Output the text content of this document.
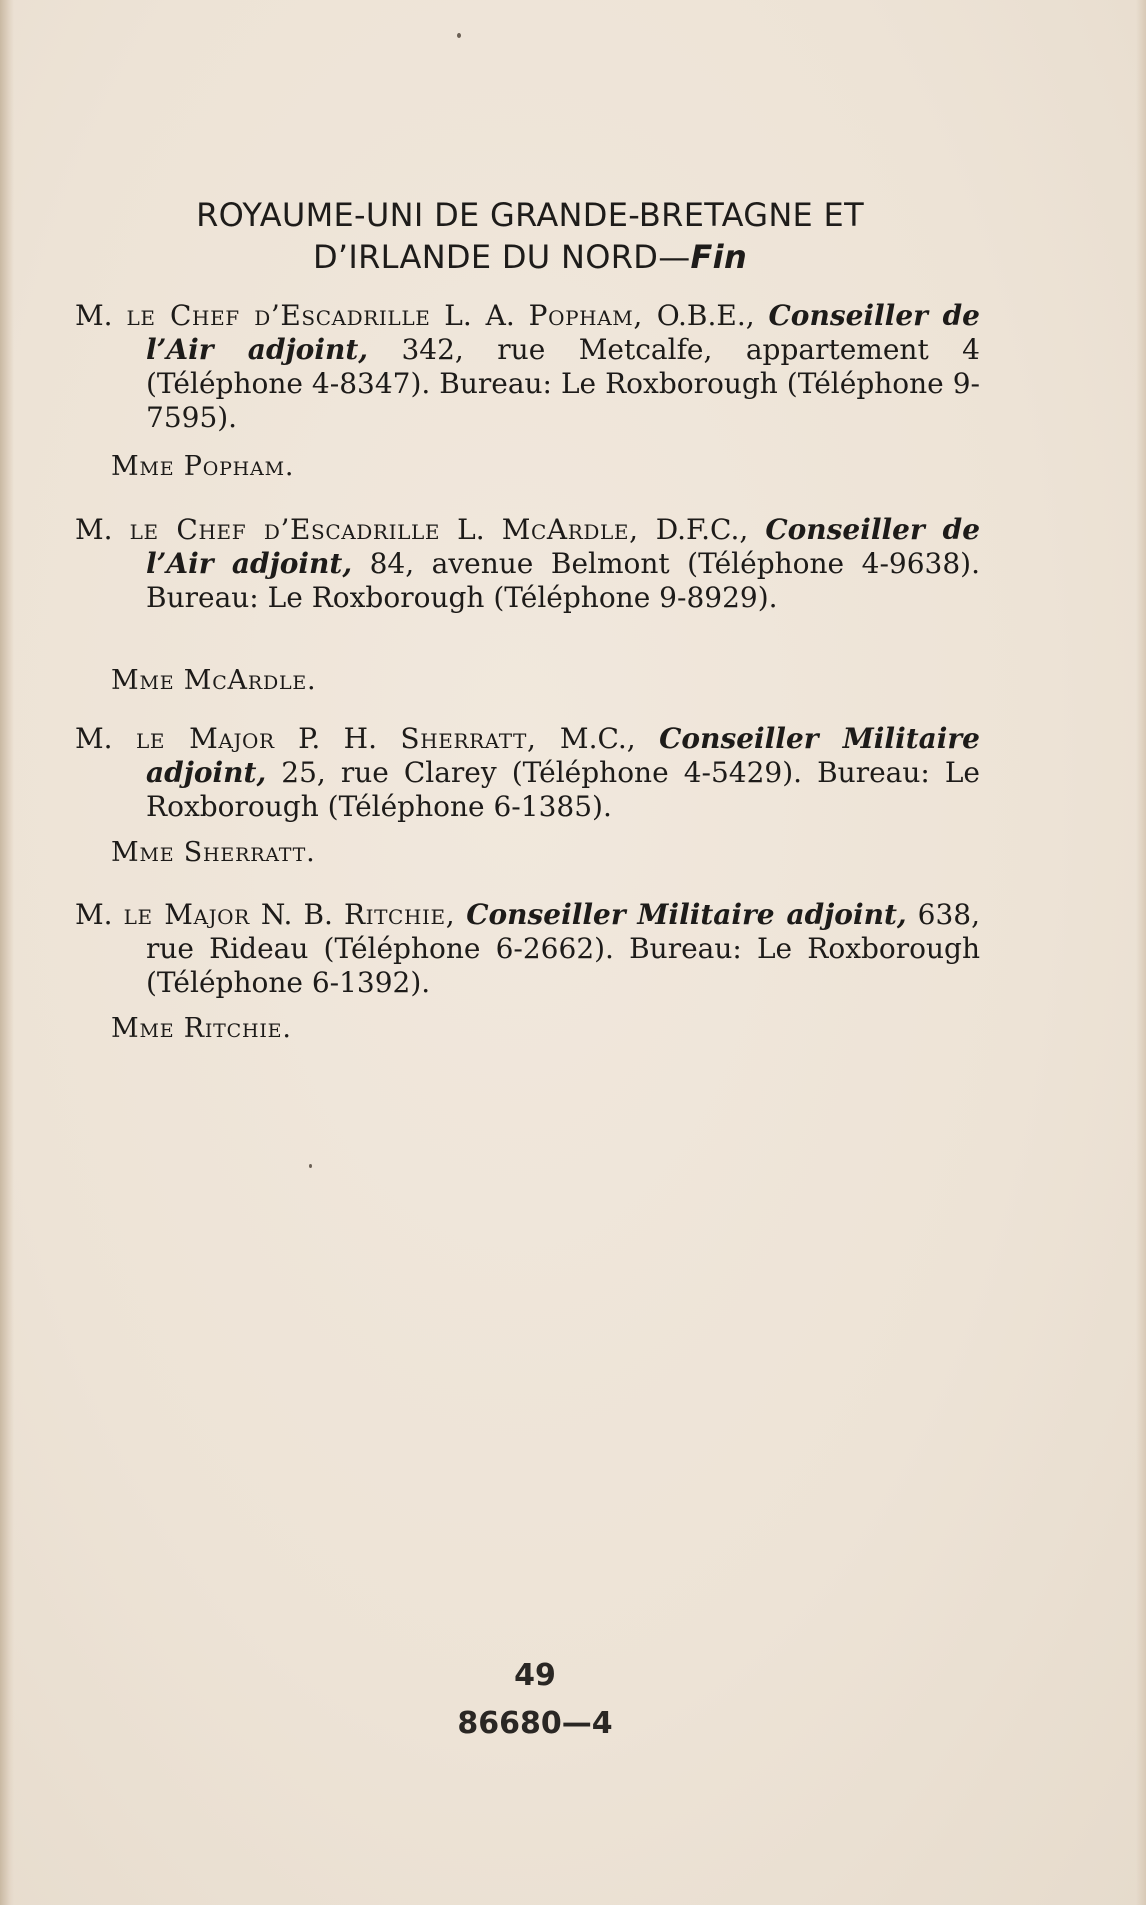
ROYAUME-UNI DE GRANDE-BRETAGNE ET
D’IRLANDE DU NORD—Fin
M. le Chef d’Escadrille L. A. Popham, O.B.E., Conseiller de l’Air adjoint, 342, rue Metcalfe, appartement 4 (Téléphone 4-8347). Bureau: Le Roxborough (Téléphone 9-7595).
Mme Popham.
M. le Chef d’Escadrille L. McArdle, D.F.C., Conseiller de l’Air adjoint, 84, avenue Belmont (Téléphone 4-9638). Bureau: Le Roxborough (Téléphone 9-8929).
Mme McArdle.
M. le Major P. H. Sherratt, M.C., Conseiller Militaire adjoint, 25, rue Clarey (Téléphone 4-5429). Bureau: Le Roxborough (Téléphone 6-1385).
Mme Sherratt.
M. le Major N. B. Ritchie, Conseiller Militaire adjoint, 638, rue Rideau (Téléphone 6-2662). Bureau: Le Roxborough (Téléphone 6-1392).
Mme Ritchie.
49
86680—4
